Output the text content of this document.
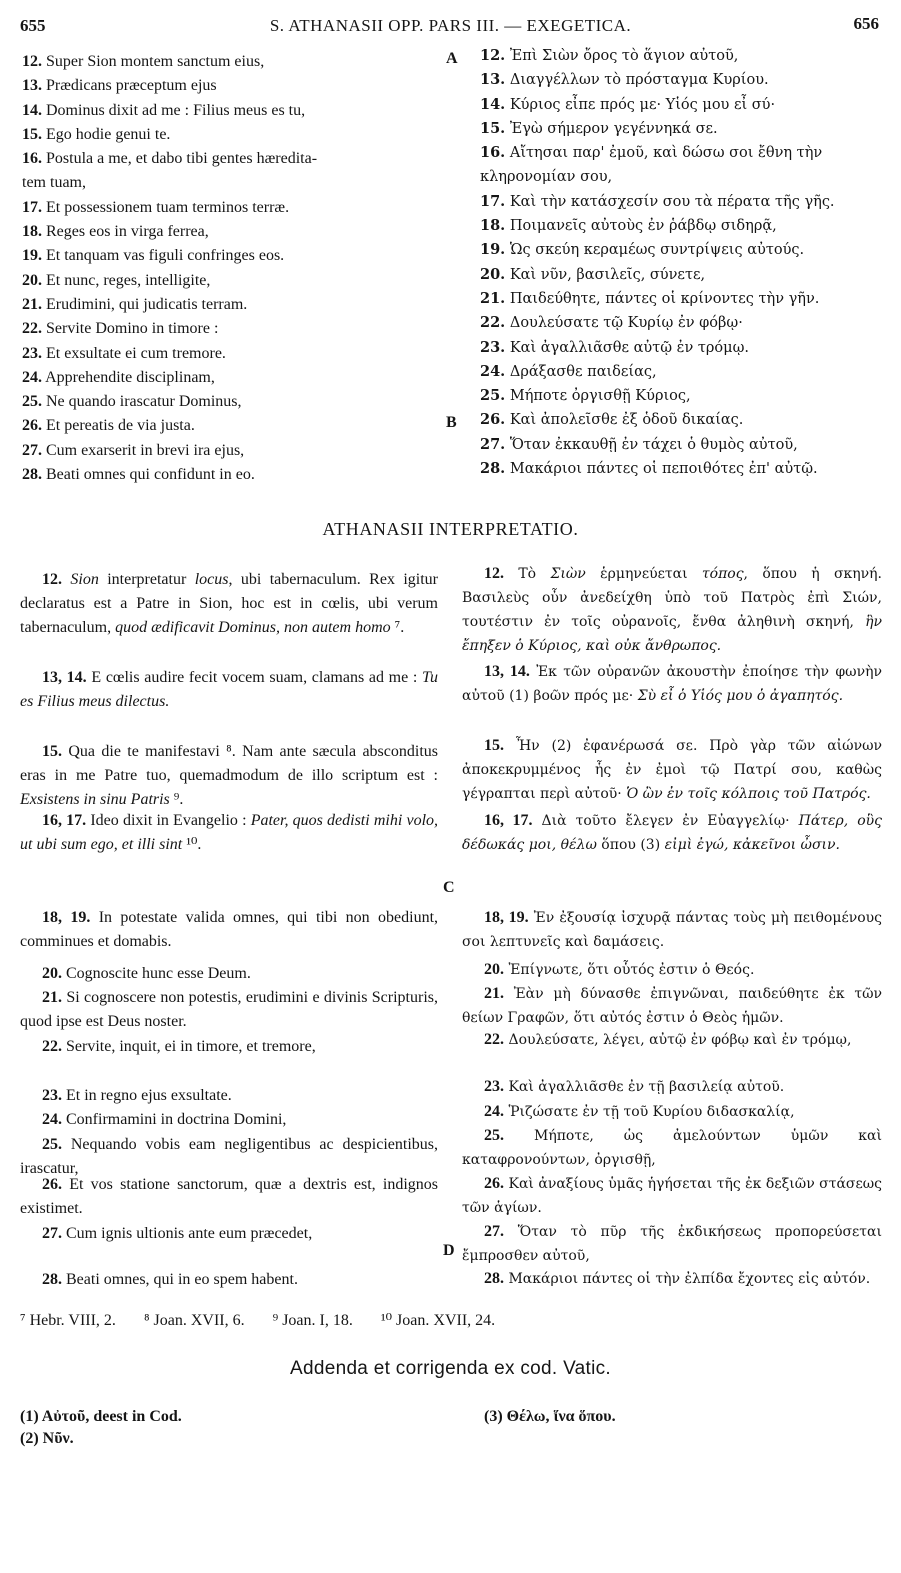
655	S. ATHANASII OPP. PARS III. — EXEGETICA.	656
12. Super Sion montem sanctum eius,
13. Prædicans præceptum ejus
14. Dominus dixit ad me : Filius meus es tu,
15. Ego hodie genui te.
16. Postula a me, et dabo tibi gentes hæredita-
tem tuam,
17. Et possessionem tuam terminos terræ.
18. Reges eos in virga ferrea,
19. Et tanquam vas figuli confringes eos.
20. Et nunc, reges, intelligite,
21. Erudimini, qui judicatis terram.
22. Servite Domino in timore :
23. Et exsultate ei cum tremore.
24. Apprehendite disciplinam,
25. Ne quando irascatur Dominus,
26. Et pereatis de via justa.
27. Cum exarserit in brevi ira ejus,
28. Beati omnes qui confidunt in eo.
12. Ἐπὶ Σιὼν ὄρος τὸ ἅγιον αὐτοῦ,
13. Διαγγέλλων τὸ πρόσταγμα Κυρίου.
14. Κύριος εἶπε πρός με· Υἱός μου εἶ σύ·
15. Ἐγὼ σήμερον γεγέννηκά σε.
16. Αἴτησαι παρ' ἐμοῦ, καὶ δώσω σοι ἔθνη τὴν
κληρονομίαν σου,
17. Καὶ τὴν κατάσχεσίν σου τὰ πέρατα τῆς γῆς.
18. Ποιμανεῖς αὐτοὺς ἐν ῥάβδῳ σιδηρᾷ,
19. Ὡς σκεύη κεραμέως συντρίψεις αὐτούς.
20. Καὶ νῦν, βασιλεῖς, σύνετε,
21. Παιδεύθητε, πάντες οἱ κρίνοντες τὴν γῆν.
22. Δουλεύσατε τῷ Κυρίῳ ἐν φόβῳ·
23. Καὶ ἀγαλλιᾶσθε αὐτῷ ἐν τρόμῳ.
24. Δράξασθε παιδείας,
25. Μήποτε ὀργισθῇ Κύριος,
26. Καὶ ἀπολεῖσθε ἐξ ὁδοῦ δικαίας.
27. Ὅταν ἐκκαυθῇ ἐν τάχει ὁ θυμὸς αὐτοῦ,
28. Μακάριοι πάντες οἱ πεποιθότες ἐπ' αὐτῷ.
A
B
C
D
ATHANASII INTERPRETATIO.
12. Sion interpretatur locus, ubi tabernaculum. Rex igitur declaratus est a Patre in Sion, hoc est in cœlis, ubi verum tabernaculum, quod ædificavit Dominus, non autem homo ⁷.
13, 14. E cœlis audire fecit vocem suam, clamans ad me : Tu es Filius meus dilectus.
15. Qua die te manifestavi ⁸. Nam ante sæcula absconditus eras in me Patre tuo, quemadmodum de illo scriptum est : Exsistens in sinu Patris ⁹.
16, 17. Ideo dixit in Evangelio : Pater, quos dedisti mihi volo, ut ubi sum ego, et illi sint ¹⁰.
18, 19. In potestate valida omnes, qui tibi non obediunt, comminues et domabis.
20. Cognoscite hunc esse Deum.
21. Si cognoscere non potestis, erudimini e divinis Scripturis, quod ipse est Deus noster.
22. Servite, inquit, ei in timore, et tremore,
23. Et in regno ejus exsultate.
24. Confirmamini in doctrina Domini,
25. Nequando vobis eam negligentibus ac despicientibus, irascatur,
26. Et vos statione sanctorum, quæ a dextris est, indignos existimet.
27. Cum ignis ultionis ante eum præcedet,
28. Beati omnes, qui in eo spem habent.
12. Τὸ Σιὼν ἑρμηνεύεται τόπος, ὅπου ἡ σκηνή. Βασιλεὺς οὖν ἀνεδείχθη ὑπὸ τοῦ Πατρὸς ἐπὶ Σιών, τουτέστιν ἐν τοῖς οὐρανοῖς, ἔνθα ἀληθινὴ σκηνή, ἣν ἔπηξεν ὁ Κύριος, καὶ οὐκ ἄνθρωπος.
13, 14. Ἐκ τῶν οὐρανῶν ἀκουστὴν ἐποίησε τὴν φωνὴν αὐτοῦ (1) βοῶν πρός με· Σὺ εἶ ὁ Υἱός μου ὁ ἀγαπητός.
15. Ἦν (2) ἐφανέρωσά σε. Πρὸ γὰρ τῶν αἰώνων ἀποκεκρυμμένος ἧς ἐν ἐμοὶ τῷ Πατρί σου, καθὼς γέγραπται περὶ αὐτοῦ· Ὁ ὢν ἐν τοῖς κόλποις τοῦ Πατρός.
16, 17. Διὰ τοῦτο ἔλεγεν ἐν Εὐαγγελίῳ· Πάτερ, οὓς δέδωκάς μοι, θέλω ὅπου (3) εἰμὶ ἐγώ, κἀκεῖνοι ὦσιν.
18, 19. Ἐν ἐξουσίᾳ ἰσχυρᾷ πάντας τοὺς μὴ πειθομένους σοι λεπτυνεῖς καὶ δαμάσεις.
20. Ἐπίγνωτε, ὅτι οὗτός ἐστιν ὁ Θεός.
21. Ἐὰν μὴ δύνασθε ἐπιγνῶναι, παιδεύθητε ἐκ τῶν θείων Γραφῶν, ὅτι αὐτός ἐστιν ὁ Θεὸς ἡμῶν.
22. Δουλεύσατε, λέγει, αὐτῷ ἐν φόβῳ καὶ ἐν τρόμῳ,
23. Καὶ ἀγαλλιᾶσθε ἐν τῇ βασιλείᾳ αὐτοῦ.
24. Ῥιζώσατε ἐν τῇ τοῦ Κυρίου διδασκαλίᾳ,
25. Μήποτε, ὡς ἀμελούντων ὑμῶν καὶ καταφρονούντων, ὀργισθῇ,
26. Καὶ ἀναξίους ὑμᾶς ἡγήσεται τῆς ἐκ δεξιῶν στάσεως τῶν ἁγίων.
27. Ὅταν τὸ πῦρ τῆς ἐκδικήσεως προπορεύσεται ἔμπροσθεν αὐτοῦ,
28. Μακάριοι πάντες οἱ τὴν ἐλπίδα ἔχοντες εἰς αὐτόν.
⁷ Hebr. VIII, 2. ⁸ Joan. XVII, 6. ⁹ Joan. I, 18. ¹⁰ Joan. XVII, 24.
Addenda et corrigenda ex cod. Vatic.
(1) Αὐτοῦ, deest in Cod.
(2) Νῦν.
(3) Θέλω, ἵνα ὅπου.
